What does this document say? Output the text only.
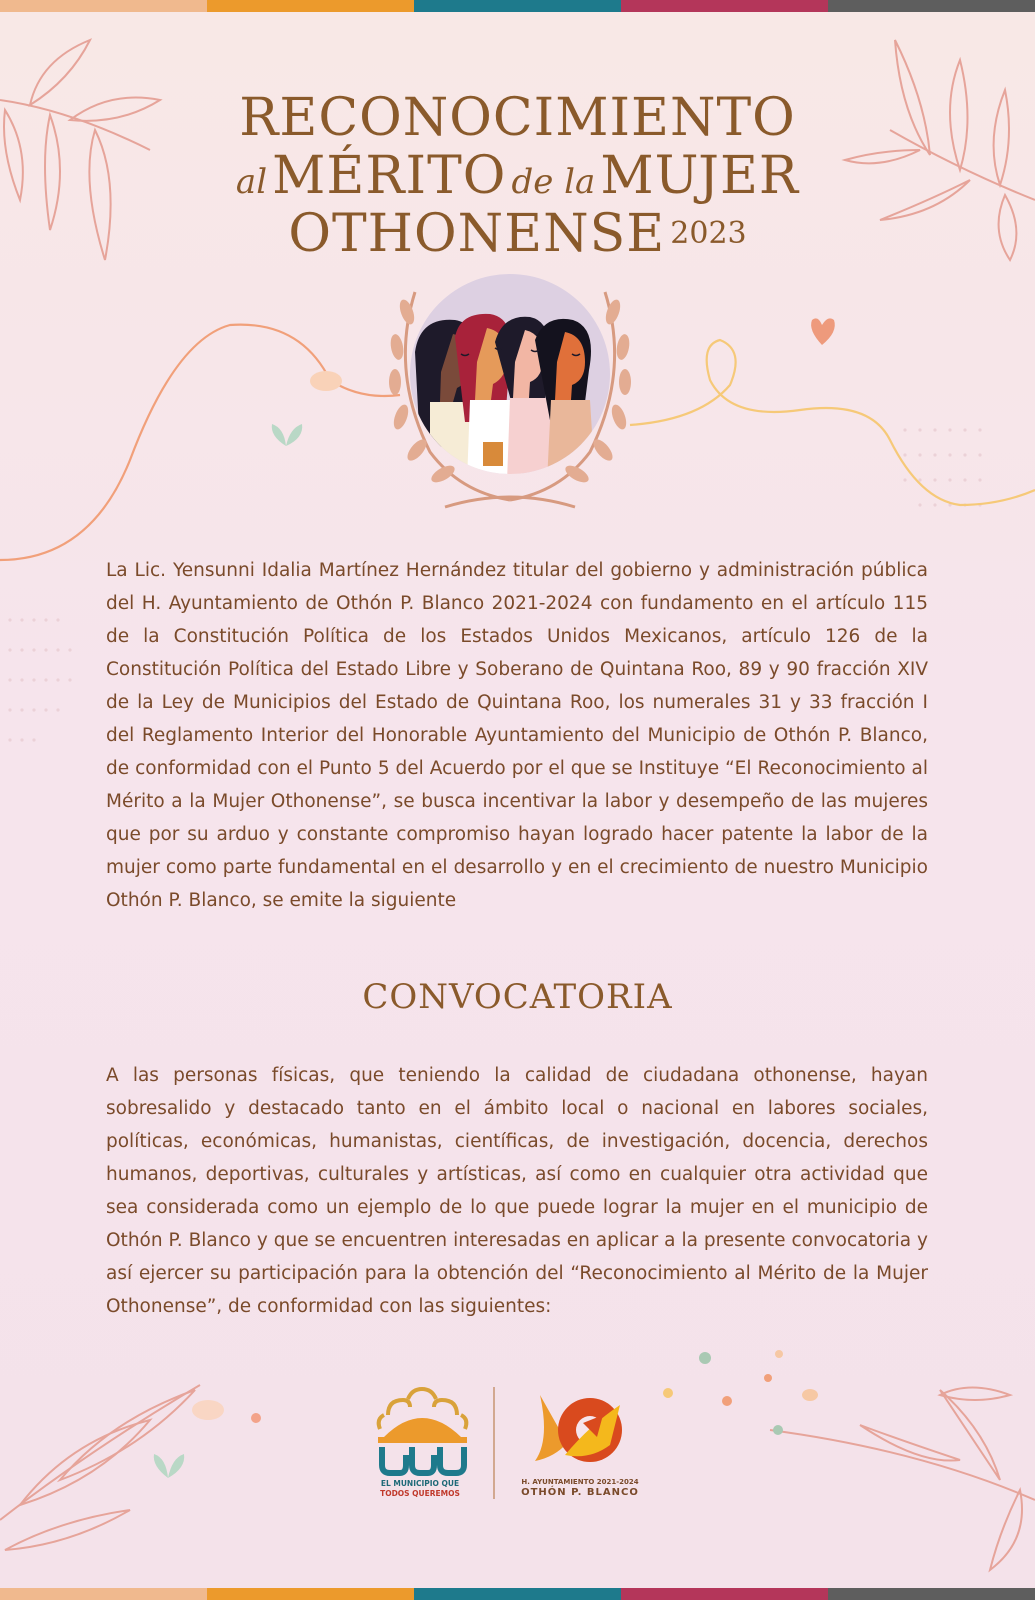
RECONOCIMIENTO
al MÉRITO de la MUJER
OTHONENSE 2023

La Lic. Yensunni Idalia Martínez Hernández titular del gobierno y administración pública del H. Ayuntamiento de Othón P. Blanco 2021-2024 con fundamento en el artículo 115 de la Constitución Política de los Estados Unidos Mexicanos, artículo 126 de la Constitución Política del Estado Libre y Soberano de Quintana Roo, 89 y 90 fracción XIV de la Ley de Municipios del Estado de Quintana Roo, los numerales 31 y 33 fracción I del Reglamento Interior del Honorable Ayuntamiento del Municipio de Othón P. Blanco, de conformidad con el Punto 5 del Acuerdo por el que se Instituye “El Reconocimiento al Mérito a la Mujer Othonense”, se busca incentivar la labor y desempeño de las mujeres que por su arduo y constante compromiso hayan logrado hacer patente la labor de la mujer como parte fundamental en el desarrollo y en el crecimiento de nuestro Municipio Othón P. Blanco, se emite la siguiente

CONVOCATORIA

A las personas físicas, que teniendo la calidad de ciudadana othonense, hayan sobresalido y destacado tanto en el ámbito local o nacional en labores sociales, políticas, económicas, humanistas, científicas, de investigación, docencia, derechos humanos, deportivas, culturales y artísticas, así como en cualquier otra actividad que sea considerada como un ejemplo de lo que puede lograr la mujer en el municipio de Othón P. Blanco y que se encuentren interesadas en aplicar a la presente convocatoria y así ejercer su participación para la obtención del “Reconocimiento al Mérito de la Mujer Othonense”, de conformidad con las siguientes:

EL MUNICIPIO QUE
TODOS QUEREMOS
H. AYUNTAMIENTO 2021-2024
OTHÓN P. BLANCO
